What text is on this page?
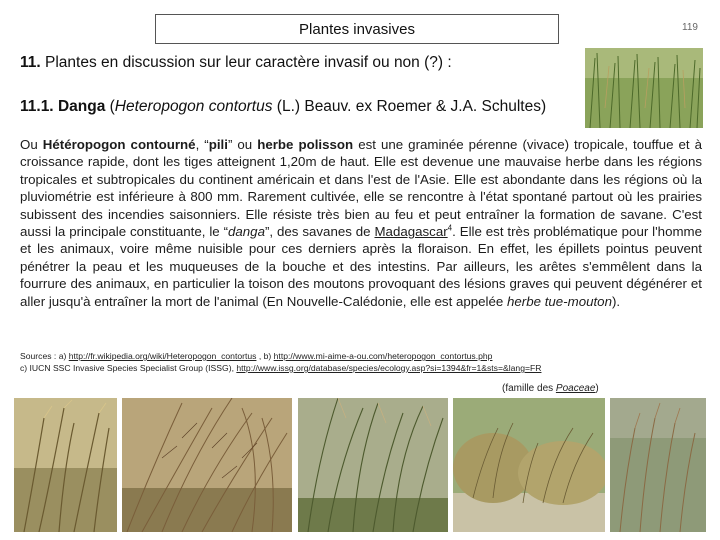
Plantes invasives	119
11. Plantes en discussion sur leur caractère invasif ou non (?) :
11.1. Danga (Heteropogon contortus (L.) Beauv. ex Roemer & J.A. Schultes)
Ou Hétéropogon contourné, “pili” ou herbe polisson est une graminée pérenne (vivace) tropicale, touffue et à croissance rapide, dont les tiges atteignent 1,20m de haut. Elle est devenue une mauvaise herbe dans les régions tropicales et subtropicales du continent américain et dans l'est de l'Asie. Elle est abondante dans les régions où la pluviométrie est inférieure à 800 mm. Rarement cultivée, elle se rencontre à l'état spontané partout où les prairies subissent des incendies saisonniers. Elle résiste très bien au feu et peut entraîner la formation de savane. C'est aussi la principale constituante, le “danga”, des savanes de Madagascar$^4$. Elle est très problématique pour l'homme et les animaux, voire même nuisible pour ces derniers après la floraison. En effet, les épillets pointus peuvent pénétrer la peau et les muqueuses de la bouche et des intestins. Par ailleurs, les arêtes s'emmêlent dans la fourrure des animaux, en particulier la toison des moutons provoquant des lésions graves qui peuvent dégénérer et aller jusqu'à entraîner la mort de l'animal (En Nouvelle-Calédonie, elle est appelée herbe tue-mouton).
Sources : a) http://fr.wikipedia.org/wiki/Heteropogon_contortus , b) http://www.mi-aime-a-ou.com/heteropogon_contortus.php
c) IUCN SSC Invasive Species Specialist Group (ISSG), http://www.issg.org/database/species/ecology.asp?si=1394&fr=1&sts=&lang=FR
(famille des Poaceae)
